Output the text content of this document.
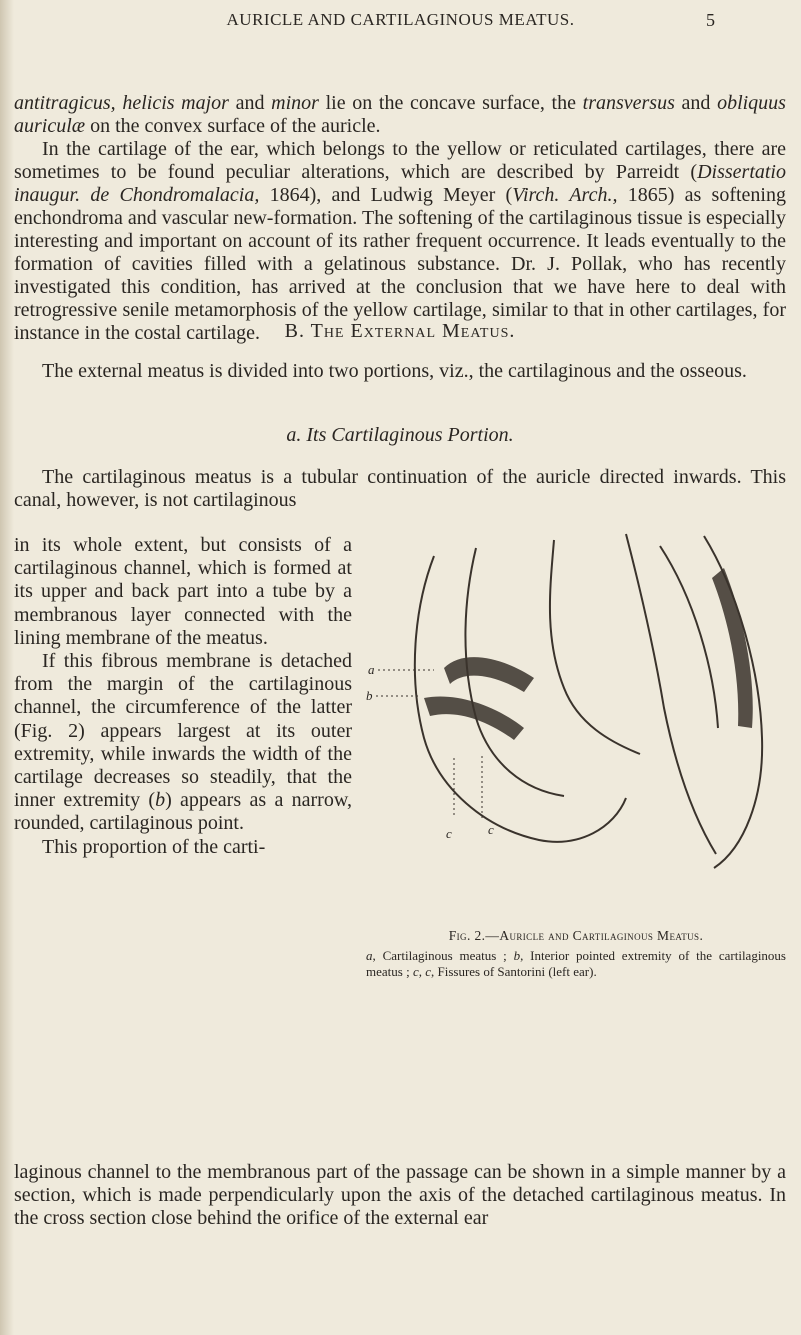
AURICLE AND CARTILAGINOUS MEATUS.	5

antitragicus, helicis major and minor lie on the concave surface, the transversus and obliquus auriculæ on the convex surface of the auricle.

In the cartilage of the ear, which belongs to the yellow or reticulated cartilages, there are sometimes to be found peculiar alterations, which are described by Parreidt (Dissertatio inaugur. de Chondromalacia, 1864), and Ludwig Meyer (Virch. Arch., 1865) as softening enchondroma and vascular new-formation. The softening of the cartilaginous tissue is especially interesting and important on account of its rather frequent occurrence. It leads eventually to the formation of cavities filled with a gelatinous substance. Dr. J. Pollak, who has recently investigated this condition, has arrived at the conclusion that we have here to deal with retrogressive senile metamorphosis of the yellow cartilage, similar to that in other cartilages, for instance in the costal cartilage.	B. The External Meatus.

The external meatus is divided into two portions, viz., the cartilaginous and the osseous.

a. Its Cartilaginous Portion.

The cartilaginous meatus is a tubular continuation of the auricle directed inwards. This canal, however, is not cartilaginous

in its whole extent, but consists of a cartilaginous channel, which is formed at its upper and back part into a tube by a membranous layer connected with the lining membrane of the meatus.

If this fibrous membrane is detached from the margin of the cartilaginous channel, the circumference of the latter (Fig. 2) appears largest at its outer extremity, while inwards the width of the cartilage decreases so steadily, that the inner extremity (b) appears as a narrow, rounded, cartilaginous point.

This proportion of the carti-

a
b
c	c
Fig. 2.—Auricle and Cartilaginous Meatus.
a, Cartilaginous meatus ; b, Interior pointed extremity of the cartilaginous meatus ; c, c, Fissures of Santorini (left ear).

laginous channel to the membranous part of the passage can be shown in a simple manner by a section, which is made perpendicularly upon the axis of the detached cartilaginous meatus. In the cross section close behind the orifice of the external ear
